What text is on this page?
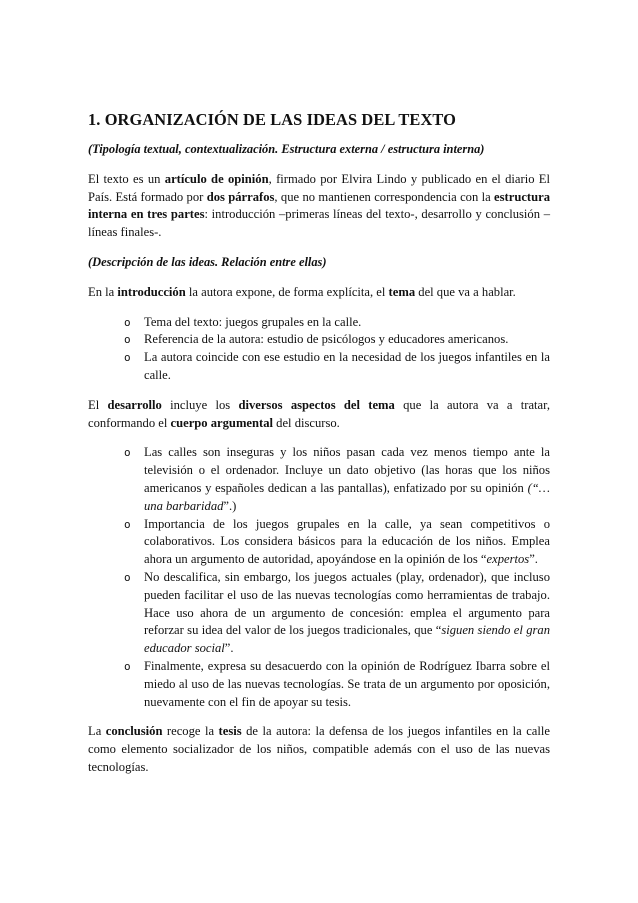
1. ORGANIZACIÓN DE LAS IDEAS DEL TEXTO
(Tipología textual, contextualización. Estructura externa / estructura interna)

El texto es un artículo de opinión, firmado por Elvira Lindo y publicado en el diario El País. Está formado por dos párrafos, que no mantienen correspondencia con la estructura interna en tres partes: introducción –primeras líneas del texto-, desarrollo y conclusión –líneas finales-.

(Descripción de las ideas. Relación entre ellas)

En la introducción la autora expone, de forma explícita, el tema del que va a hablar.

o Tema del texto: juegos grupales en la calle.
o Referencia de la autora: estudio de psicólogos y educadores americanos.
o La autora coincide con ese estudio en la necesidad de los juegos infantiles en la calle.

El desarrollo incluye los diversos aspectos del tema que la autora va a tratar, conformando el cuerpo argumental del discurso.

o Las calles son inseguras y los niños pasan cada vez menos tiempo ante la televisión o el ordenador. Incluye un dato objetivo (las horas que los niños americanos y españoles dedican a las pantallas), enfatizado por su opinión (“…una barbaridad”.)
o Importancia de los juegos grupales en la calle, ya sean competitivos o colaborativos. Los considera básicos para la educación de los niños. Emplea ahora un argumento de autoridad, apoyándose en la opinión de los “expertos”.
o No descalifica, sin embargo, los juegos actuales (play, ordenador), que incluso pueden facilitar el uso de las nuevas tecnologías como herramientas de trabajo. Hace uso ahora de un argumento de concesión: emplea el argumento para reforzar su idea del valor de los juegos tradicionales, que “siguen siendo el gran educador social”.
o Finalmente, expresa su desacuerdo con la opinión de Rodríguez Ibarra sobre el miedo al uso de las nuevas tecnologías. Se trata de un argumento por oposición, nuevamente con el fin de apoyar su tesis.

La conclusión recoge la tesis de la autora: la defensa de los juegos infantiles en la calle como elemento socializador de los niños, compatible además con el uso de las nuevas tecnologías.
